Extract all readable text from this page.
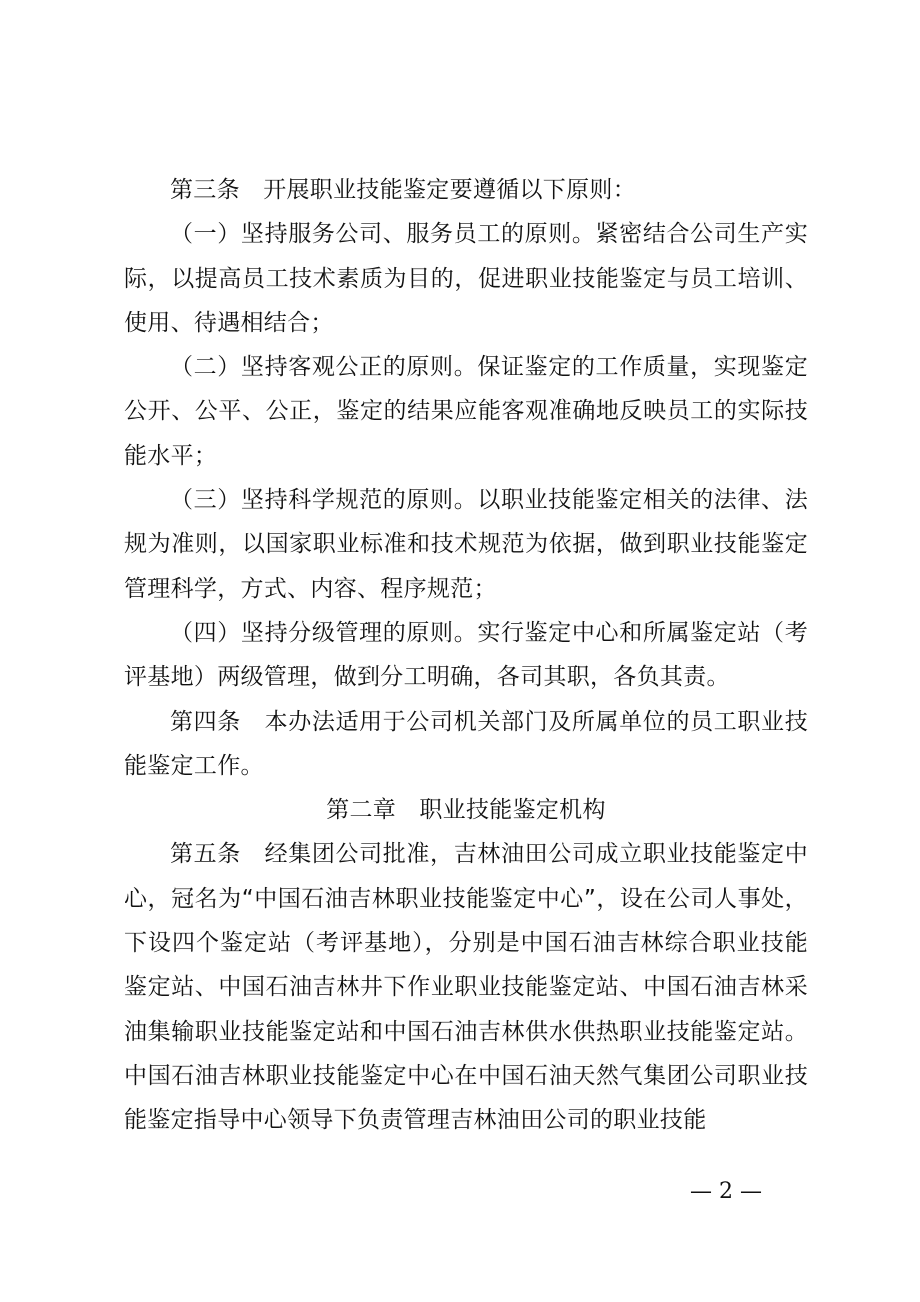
第三条　开展职业技能鉴定要遵循以下原则：

（一）坚持服务公司、服务员工的原则。紧密结合公司生产实际，以提高员工技术素质为目的，促进职业技能鉴定与员工培训、使用、待遇相结合；

（二）坚持客观公正的原则。保证鉴定的工作质量，实现鉴定公开、公平、公正，鉴定的结果应能客观准确地反映员工的实际技能水平；

（三）坚持科学规范的原则。以职业技能鉴定相关的法律、法规为准则，以国家职业标准和技术规范为依据，做到职业技能鉴定管理科学，方式、内容、程序规范；

（四）坚持分级管理的原则。实行鉴定中心和所属鉴定站（考评基地）两级管理，做到分工明确，各司其职，各负其责。

第四条　本办法适用于公司机关部门及所属单位的员工职业技能鉴定工作。

第二章　职业技能鉴定机构

第五条　经集团公司批准，吉林油田公司成立职业技能鉴定中心，冠名为“中国石油吉林职业技能鉴定中心”，设在公司人事处，下设四个鉴定站（考评基地），分别是中国石油吉林综合职业技能鉴定站、中国石油吉林井下作业职业技能鉴定站、中国石油吉林采油集输职业技能鉴定站和中国石油吉林供水供热职业技能鉴定站。中国石油吉林职业技能鉴定中心在中国石油天然气集团公司职业技能鉴定指导中心领导下负责管理吉林油田公司的职业技能

— 2 —
